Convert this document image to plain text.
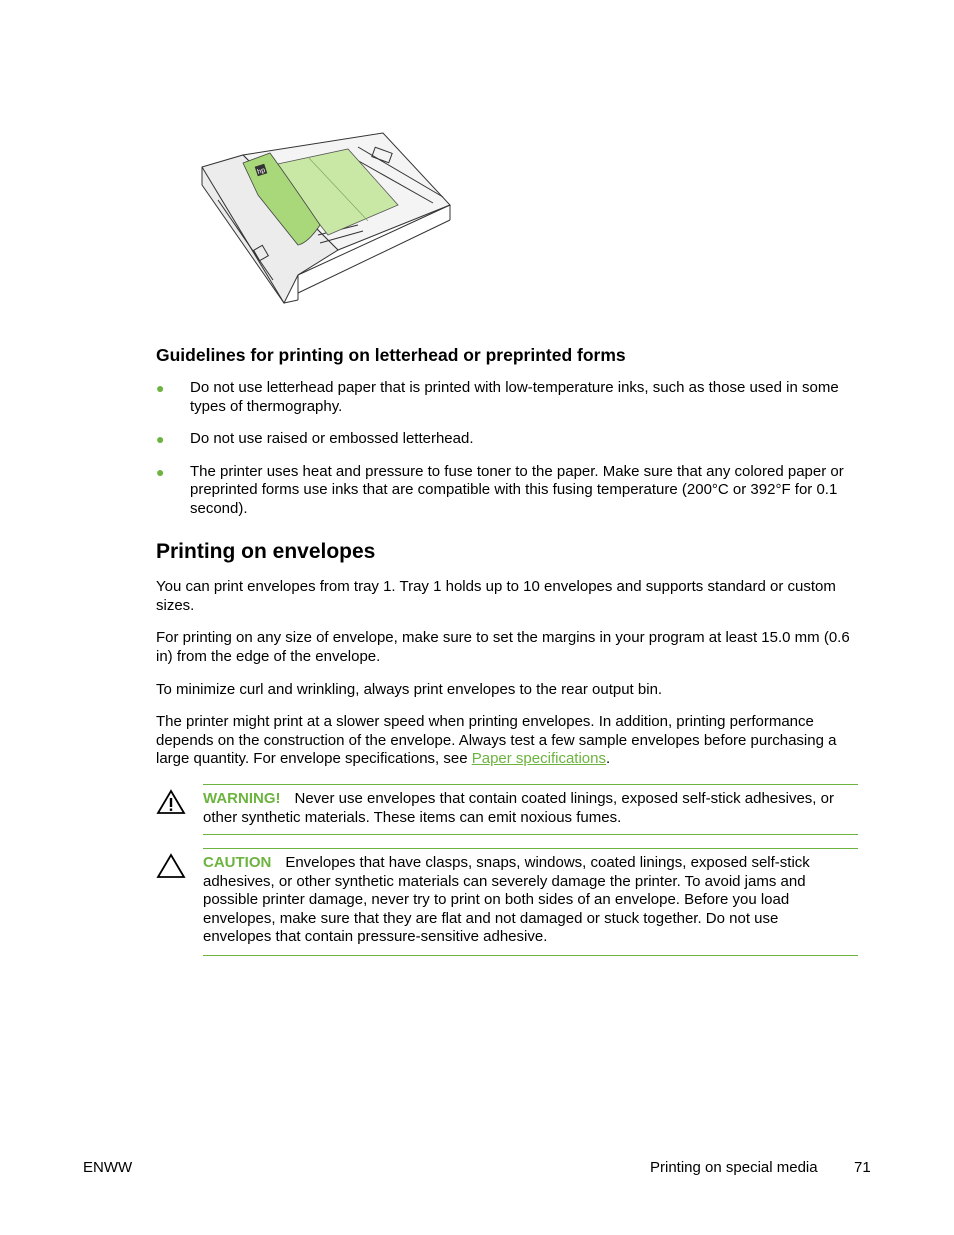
hp
Guidelines for printing on letterhead or preprinted forms
● Do not use letterhead paper that is printed with low-temperature inks, such as those used in some types of thermography.
● Do not use raised or embossed letterhead.
● The printer uses heat and pressure to fuse toner to the paper. Make sure that any colored paper or preprinted forms use inks that are compatible with this fusing temperature (200°C or 392°F for 0.1 second).
Printing on envelopes

You can print envelopes from tray 1. Tray 1 holds up to 10 envelopes and supports standard or custom sizes.

For printing on any size of envelope, make sure to set the margins in your program at least 15.0 mm (0.6 in) from the edge of the envelope.

To minimize curl and wrinkling, always print envelopes to the rear output bin.

The printer might print at a slower speed when printing envelopes. In addition, printing performance depends on the construction of the envelope. Always test a few sample envelopes before purchasing a large quantity. For envelope specifications, see Paper specifications.

WARNING! Never use envelopes that contain coated linings, exposed self-stick adhesives, or other synthetic materials. These items can emit noxious fumes.
CAUTION Envelopes that have clasps, snaps, windows, coated linings, exposed self-stick adhesives, or other synthetic materials can severely damage the printer. To avoid jams and possible printer damage, never try to print on both sides of an envelope. Before you load envelopes, make sure that they are flat and not damaged or stuck together. Do not use envelopes that contain pressure-sensitive adhesive.
ENWW	Printing on special media 71
